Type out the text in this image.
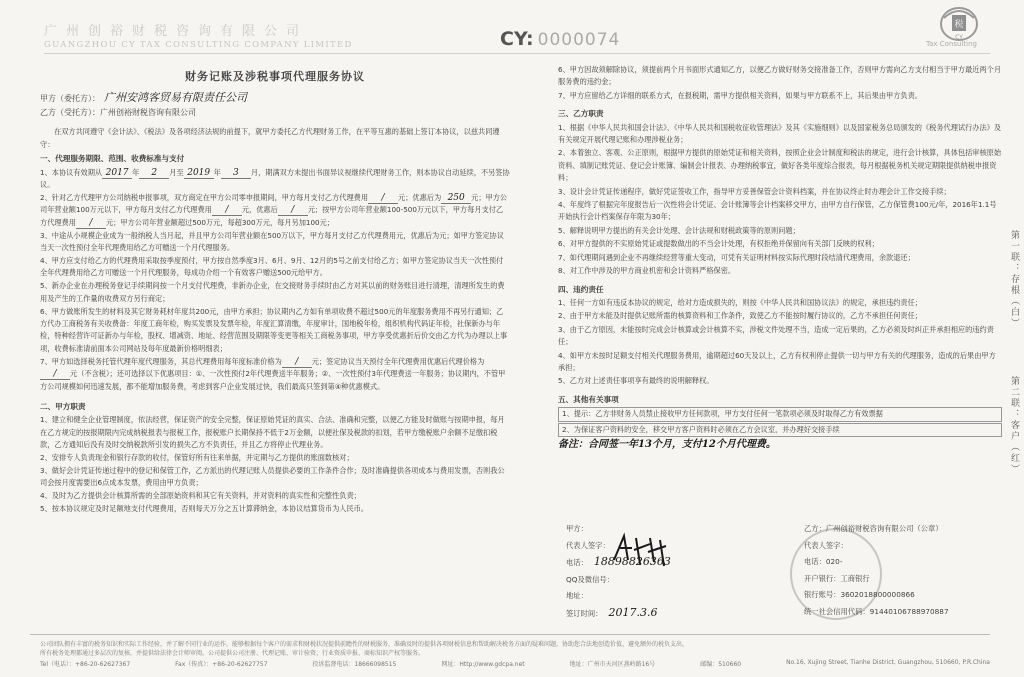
广州创裕财税咨询有限公司
GUANGZHOU CY TAX CONSULTING COMPANY LIMITED	CY: 0000074
税
CY
Tax Consulting
财务记账及涉税事项代理服务协议
甲方（委托方）： 广州安鸿客贸易有限责任公司
乙方（受托方）：广州创裕财税咨询有限公司
在双方共同遵守《会计法》、《税法》及各项经济法规的前提下，就甲方委托乙方代理财务工作，在平等互惠的基础上签订本协议，以兹共同遵守：
一、代理服务期限、范围、收费标准与支付
1、本协议有效期从 2017 年 2 月至 2019 年 3 月，期满双方未提出书面异议视继续代理财务工作，则本协议自动延续，不另签协议。
2、针对乙方代理甲方公司纳税申报事项，双方商定在甲方公司零申报期间，甲方每月支付乙方代理费用 / 元；优惠后为 250 元；甲方公司年营业额100万元以下，甲方每月支付乙方代理费用 / 元，优惠后 / 元；按甲方公司年营业额100-500万元以下，甲方每月支付乙方代理费用 / 元；甲方公司年营业额超过500万元，每超300万元，每月另加100元；
3、中途从小规模企业成为一般纳税人当月起，并且甲方公司年营业额在500万以下，甲方每月支付乙方代理费用元，优惠后为元；如甲方签定协议当天一次性预付全年代理费用给乙方可赠送一个月代理服务。
4、甲方应支付给乙方的代理费用采取按季度预付，甲方按自然季度3月、6月、9月、12月的5号之前支付给乙方；如甲方签定协议当天一次性预付全年代理费用给乙方可赠送一个月代理服务，每成功介绍一个有效客户赠送500元给甲方。
5、新办企业在办理税务登记手续期间按一个月支付代理费，非新办企业，在交接财务手续时由乙方对其以前的财务账目进行清理，清理所发生的费用及产生的工作量的收费双方另行商定；
6、甲方做账所发生的材料及其它财务耗材年度共200元，由甲方承担；协议期内乙方如有单项收费不超过500元的年度服务费用不再另行通知；乙方代办工商税务有关收费备：年度工商年检，购买发票及发票年检，年度汇算清缴，年度审计，国地税年检，组织机构代码证年检，社保新办与年检，特种经营许可证新办与年检，股权、增减资、地址、经营范围及期限等变更等相关工商税务事项，甲方享受优惠折后价交由乙方代为办理以上事项，收费标准请前面本公司网站及每年度最新价格明细表；
7、甲方如选择税务托管代理年度代理服务，其总代理费用每年度标准价格为 / 元；签定协议当天预付全年代理费用优惠后代理价格为/ 元（不含税）；还可选择以下优惠项目：①、一次性预付2年代理费送半年服务；②、一次性预付3年代理费送一年服务；协议期内，不管甲方公司规模如何迅速发展，都不能增加服务费，考虑到客户企业发展过快，我们最高只签到第④种优惠模式。
二、甲方职责
1、建立和健全企业管理制度，依法经营，保证资产的安全完整，保证原始凭证的真实、合法、准确和完整，以便乙方能及时做账与按期申报，每月在乙方规定的按报期限内完成纳税报表与报税工作，报税账户长期保持不低于2万金额，以便社保及税款的扣划，若甲方缴税账户余额不足缴扣税款，乙方通知后没有及时交纳税款所引发的损失乙方不负责任，并且乙方将停止代理业务。
2、安排专人负责现金和银行存款的收付，保管好所有往来单据，并定期与乙方提供的账面数核对；
3、做好会计凭证传递过程中的登记和保管工作，乙方派出的代理记账人员提供必要的工作条件合作；及时准确提供各项成本与费用发票，否则我公司会按月度需要出6点成本发票，费用由甲方负责；
4、及时为乙方提供会计核算所需的全部原始资料和其它有关资料，并对资料的真实性和完整性负责；
5、按本协议规定及时足额地支付代理费用，否则每天万分之五计算滞纳金，本协议结算货币为人民币。
6、甲方因故须解除协议，须提前两个月书面形式通知乙方，以便乙方做好财务交接准备工作，否则甲方需向乙方支付相当于甲方最近两个月服务费的违约金；
7、甲方应留给乙方详细的联系方式，在报税期，需甲方提供相关资料，如果与甲方联系不上，其后果由甲方负责。
三、乙方职责
1、根据《中华人民共和国会计法》、《中华人民共和国税收征收管理法》及其《实施细则》以及国家税务总局颁发的《税务代理试行办法》及有关规定开展代理记账和办理涉税业务；
2、本着独立、客观、公正原则，根据甲方提供的原始凭证和相关资料，按照企业会计制度和税法的规定，进行会计核算，具体包括审核原始资料、填制记账凭证、登记会计账簿、编制会计报表、办理纳税事宜，做好各类年度综合报表，每月根据税务机关规定期限提供纳税申报资料；
3、设计会计凭证传递程序，做好凭证签收工作，指导甲方妥善保管会计资料档案，并在协议终止时办理会计工作交接手续；
4、年度终了根据完年度报告后一次性将会计凭证、会计账簿等会计档案移交甲方，由甲方自行保管，乙方保管费100元/年，2016年1.1号开始执行会计档案保存年限为30年；
5、解释说明甲方提出的有关会计处理、会计法规和财税政策等的原则问题；
6、对甲方提供的不实原始凭证或提数做出的不当会计处理，有权拒绝并保留向有关部门反映的权利；
7、如代理期间遇到企业不再继续经营等重大变动，可凭有关证明材料按实际代理时段结清代理费用，余款退还；
8、对工作中涉及的甲方商业机密和会计资料严格保密。
四、违约责任
1、任何一方如有违反本协议的规定，给对方造成损失的，则按《中华人民共和国协议法》的规定，承担违约责任；
2、由于甲方未能及时提供记账所需的核算资料和工作条件，致使乙方不能按时履行协议的，乙方不承担任何责任；
3、由于乙方原因，未能按时完成会计核算或会计核算不实，涉税文件处理不当，造成一定后果的，乙方必须及时纠正并承担相应的违约责任；
4、如甲方未按时足额支付相关代理服务费用，逾期超过60天及以上，乙方有权利停止提供一切与甲方有关的代理服务，造成的后果由甲方承担；
5、乙方对上述责任事项享有最终的说明解释权。
五、其他有关事项
1、提示：乙方非财务人员禁止接收甲方任何款项，甲方支付任何一笔款项必须及时取得乙方有效票据
2、为保证客户资料的安全，移交甲方客户资料时必须在乙方会议室，并办理好交接手续
备注：合同签一年13个月，支付12个月代理费。
甲方：
代表人签字：
电话： 18898826363
QQ及微信号：
地址：
签订时间： 2017.3.6
乙方：广州创裕财税咨询有限公司（公章）
代表人签字：
电话：020-
开户银行：工商银行
银行账号：3602018800000866
统一社会信用代码：91440106788970887
第一联：存根（白）
第二联：客户（红）
公司团队拥有丰富的税务知识和实际工作经验，并了解不同行业的运作，能够根据每个客户的需求和财税状况提供前瞻性的财税服务，准确及时的提供各项财税信息和帮助解决税务方面的疑难问题，协助您合法地创造价值，避免额外的税负支出，
所有税务处理都通过多层次的复核，并提供给法律会计师审阅。公司提供公司注册、代理记账、审计验资、行业资质申报、商标知识产权等服务。
Tel（电话）：+86-20-62627367	Fax（传真）：+86-20-62627757	投诉监督电话：18666098515	网址：Http://www.gdcpa.net	地址：广州市天河区燕岭路16号	邮编：510660	No.16, Xujing Street, Tianhe District, Guangzhou, 510660, P.R.China
